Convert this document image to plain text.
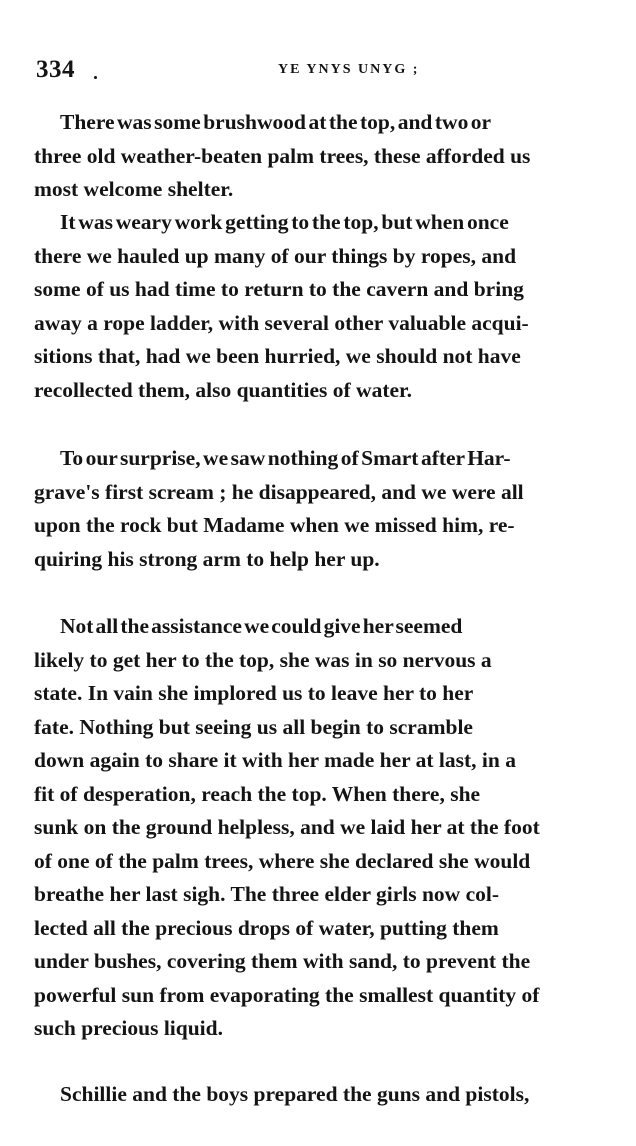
334	YE YNYS UNYG ;

There was some brushwood at the top, and two or
three old weather-beaten palm trees, these afforded us
most welcome shelter.

It was weary work getting to the top, but when once
there we hauled up many of our things by ropes, and
some of us had time to return to the cavern and bring
away a rope ladder, with several other valuable acqui-
sitions that, had we been hurried, we should not have
recollected them, also quantities of water.

To our surprise, we saw nothing of Smart after Har-
grave's first scream ; he disappeared, and we were all
upon the rock but Madame when we missed him, re-
quiring his strong arm to help her up.

Not all the assistance we could give her seemed
likely to get her to the top, she was in so nervous a
state. In vain she implored us to leave her to her
fate. Nothing but seeing us all begin to scramble
down again to share it with her made her at last, in a
fit of desperation, reach the top. When there, she
sunk on the ground helpless, and we laid her at the foot
of one of the palm trees, where she declared she would
breathe her last sigh. The three elder girls now col-
lected all the precious drops of water, putting them
under bushes, covering them with sand, to prevent the
powerful sun from evaporating the smallest quantity of
such precious liquid.

Schillie and the boys prepared the guns and pistols,
